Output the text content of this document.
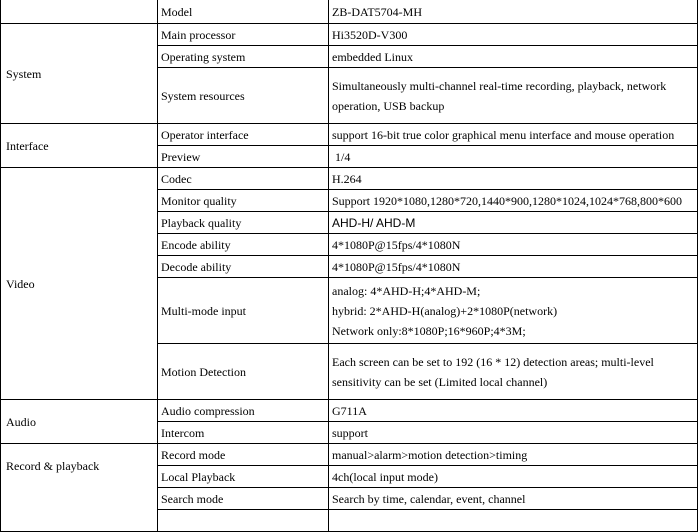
	Model	ZB-DAT5704-MH

System	Main processor	Hi3520D-V300

	Operating system	embedded Linux

	System resources	Simultaneously multi-channel real-time recording, playback, network
operation, USB backup

Interface	Operator interface	support 16-bit true color graphical menu interface and mouse operation

	Preview	1/4

Video	Codec	H.264

	Monitor quality	Support 1920*1080,1280*720,1440*900,1280*1024,1024*768,800*600

	Playback quality	AHD-H/ AHD-M

	Encode ability	4*1080P@15fps/4*1080N

	Decode ability	4*1080P@15fps/4*1080N

	Multi-mode input	analog: 4*AHD-H;4*AHD-M;
hybrid: 2*AHD-H(analog)+2*1080P(network)
Network only:8*1080P;16*960P;4*3M;

	Motion Detection	Each screen can be set to 192 (16 * 12) detection areas; multi-level
sensitivity can be set (Limited local channel)

Audio	Audio compression	G711A

	Intercom	support

Record & playback	Record mode	manual>alarm>motion detection>timing

	Local Playback	4ch(local input mode)

	Search mode	Search by time, calendar, event, channel
